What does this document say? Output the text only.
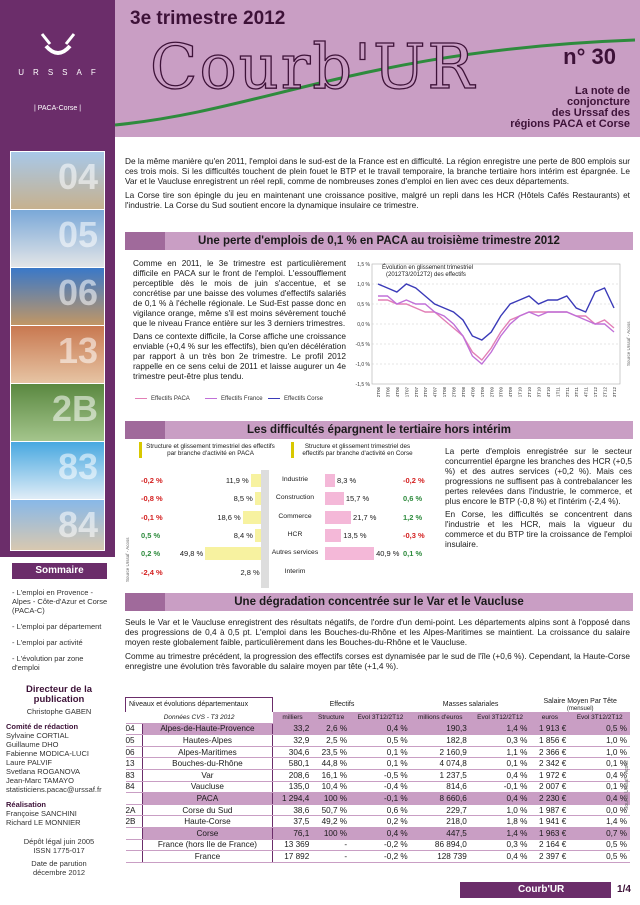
URSSAF
| PACA-Corse |
3e trimestre 2012
Courb'UR	n° 30
La note de
conjoncture
des Urssaf des
régions PACA et Corse
04
05
06
13
2B
83
84
Sommaire
- L'emploi en Provence - Alpes - Côte-d'Azur et Corse (PACA-C)
- L'emploi par département
- L'emploi par activité
- L'évolution par zone d'emploi
Directeur de la publication
Christophe GABEN
Comité de rédaction
Sylvaine CORTIAL
Guillaume DHO
Fabienne MODICA-LUCI
Laure PALVIF
Svetlana ROGANOVA
Jean-Marc TAMAYO
statisticiens.pacac@urssaf.fr
Réalisation
Françoise SANCHINI
Richard LE MONNIER
Dépôt légal juin 2005
ISSN 1775-017
Date de parution
décembre 2012

De la même manière qu'en 2011, l'emploi dans le sud-est de la France est en difficulté. La région enregistre une perte de 800 emplois sur ces trois mois. Si les difficultés touchent de plein fouet le BTP et le travail temporaire, la branche tertiaire hors intérim est épargnée. Le Var et le Vaucluse enregistrent un réel repli, comme de nombreuses zones d'emploi en lien avec ces deux départements.

La Corse tire son épingle du jeu en maintenant une croissance positive, malgré un repli dans les HCR (Hôtels Cafés Restaurants) et l'industrie. La Corse du Sud soutient encore la dynamique insulaire ce trimestre.

Une perte d'emplois de 0,1 % en PACA au troisième trimestre 2012

Comme en 2011, le 3e trimestre est particulièrement difficile en PACA sur le front de l'emploi. L'essoufflement perceptible dès le mois de juin s'accentue, et se concrétise par une baisse des volumes d'effectifs salariés de 0,1 % à l'échelle régionale. Le Sud-Est passe donc en vigilance orange, même s'il est moins sévèrement touché que le niveau France entière sur les 3 derniers trimestres.

Dans ce contexte difficile, la Corse affiche une croissance enviable (+0,4 % sur les effectifs), bien qu'en décélération par rapport à un très bon 2e trimestre. Le profil 2012 rappelle en ce sens celui de 2011 et laisse augurer un 4e trimestre peut-être plus tendu.

1,5 %
1,0 %
0,5 %
0,0 %
-0,5 %
-1,0 %
-1,5 %
2T06 3T06 4T06 1T07 2T07 3T07 4T07 1T08 2T08 3T08 4T08 1T09 2T09 3T09 4T09 1T10 2T10 3T10 4T10 1T11 2T11 3T11 4T11 1T12 2T12 3T12
Évolution en glissement trimestriel
(2012T3/2012T2) des effectifs
Source Urssaf - Acoss
Les difficultés épargnent le tertiaire hors intérim
Structure et glissement trimestriel des effectifs par branche d'activité en PACA
Structure et glissement trimestriel des effectifs par branche d'activité en Corse
-0,2 %	11,9 %	Industrie	8,3 %	-0,2 %
-0,8 %	8,5 %	Construction	15,7 %	0,6 %
-0,1 %	18,6 %	Commerce	21,7 %	1,2 %
0,5 %	8,4 %	HCR	13,5 %	-0,3 %
0,2 %	49,8 %	Autres services	40,9 % 0,1 %
-2,4 %	2,8 %	Interim
Source Urssaf - Acoss

La perte d'emplois enregistrée sur le secteur concurrentiel épargne les branches des HCR (+0,5 %) et des autres services (+0,2 %). Mais ces progressions ne suffisent pas à contrebalancer les pertes relevées dans l'industrie, le commerce, et plus encore le BTP (-0,8 %) et l'intérim (-2,4 %).

En Corse, les difficultés se concentrent dans l'industrie et les HCR, mais la vigueur du commerce et du BTP tire la croissance de l'emploi insulaire.

Une dégradation concentrée sur le Var et le Vaucluse

Seuls le Var et le Vaucluse enregistrent des résultats négatifs, de l'ordre d'un demi-point. Les départements alpins sont à l'opposé dans des progressions de 0,4 à 0,5 pt. L'emploi dans les Bouches-du-Rhône et les Alpes-Maritimes se maintient. La croissance du salaire moyen reste globalement faible, particulièrement dans les Bouches-du-Rhône et le Vaucluse.

Comme au trimestre précédent, la progression des effectifs corses est dynamisée par le sud de l'île (+0,6 %). Cependant, la Haute-Corse enregistre une évolution très favorable du salaire moyen par tête (+1,4 %).

Niveaux et évolutions départementaux		Effectifs			Masses salariales		Salaire Moyen Par Tête
(mensuel)	
Données CVS - T3 2012		milliers	Structure	Evol 3T12/2T12	millions d'euros	Evol 3T12/2T12	euros	Evol 3T12/2T12
04	Alpes-de-Haute-Provence	33,2	2,6 %	0,4 %	190,3	1,4 %	1 913 €	0,5 %
05	Hautes-Alpes	32,9	2,5 %	0,5 %	182,8	0,3 %	1 856 €	1,0 %
06	Alpes-Maritimes	304,6	23,5 %	0,1 %	2 160,9	1,1 %	2 366 €	1,0 %
13	Bouches-du-Rhône	580,1	44,8 %	0,1 %	4 074,8	0,1 %	2 342 €	0,1 %
83	Var	208,6	16,1 %	-0,5 %	1 237,5	0,4 %	1 972 €	0,4 %
84	Vaucluse	135,0	10,4 %	-0,4 %	814,6	-0,1 %	2 007 €	0,1 %
	PACA	1 294,4	100 %	-0,1 %	8 660,6	0,4 %	2 230 €	0,4 %
2A	Corse du Sud	38,6	50,7 %	0,6 %	229,7	1,0 %	1 987 €	0,0 %
2B	Haute-Corse	37,5	49,2 %	0,2 %	218,0	1,8 %	1 941 €	1,4 %
	Corse	76,1	100 %	0,4 %	447,5	1,4 %	1 963 €	0,7 %
	France (hors Ile de France)	13 369	-	-0,2 %	86 894,0	0,3 %	2 164 €	0,5 %
	France	17 892	-	-0,2 %	128 739	0,4 %	2 397 €	0,5 %
Source Urssaf - Acoss
Courb'UR	1/4
Effectifs PACA	Effectifs France	Effectifs Corse
